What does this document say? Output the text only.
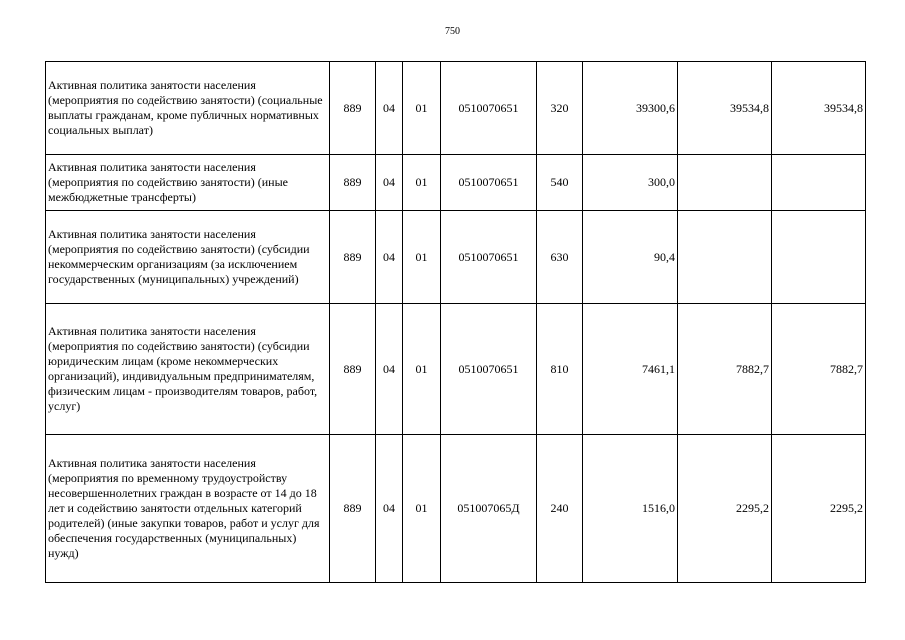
750
Активная политика занятости населения (мероприятия по содействию занятости) (социальные выплаты гражданам, кроме публичных нормативных социальных выплат)	889	04	01	0510070651	320	39300,6	39534,8	39534,8
Активная политика занятости населения (мероприятия по содействию занятости) (иные межбюджетные трансферты)	889	04	01	0510070651	540	300,0		
Активная политика занятости населения (мероприятия по содействию занятости) (субсидии некоммерческим организациям (за исключением государственных (муниципальных) учреждений)	889	04	01	0510070651	630	90,4		
Активная политика занятости населения (мероприятия по содействию занятости) (субсидии юридическим лицам (кроме некоммерческих организаций), индивидуальным предпринимателям, физическим лицам - производителям товаров, работ, услуг)	889	04	01	0510070651	810	7461,1	7882,7	7882,7
Активная политика занятости населения (мероприятия по временному трудоустройству несовершеннолетних граждан в возрасте от 14 до 18 лет и содействию занятости отдельных категорий родителей) (иные закупки товаров, работ и услуг для обеспечения государственных (муниципальных) нужд)	889	04	01	051007065Д	240	1516,0	2295,2	2295,2
